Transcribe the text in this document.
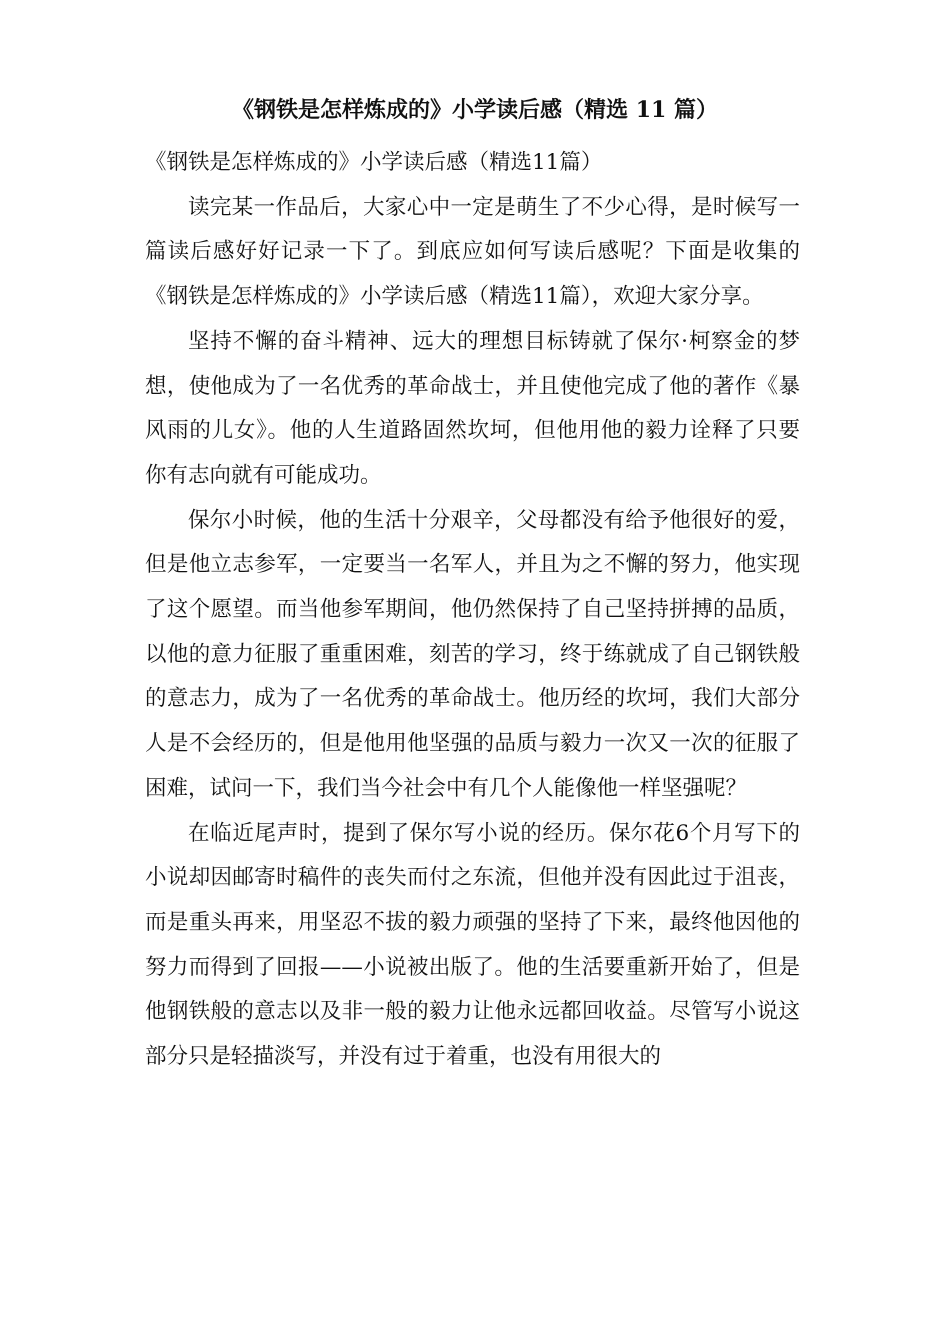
《钢铁是怎样炼成的》小学读后感（精选 11 篇）

《钢铁是怎样炼成的》小学读后感（精选11篇）

读完某一作品后，大家心中一定是萌生了不少心得，是时候写一篇读后感好好记录一下了。到底应如何写读后感呢？下面是收集的《钢铁是怎样炼成的》小学读后感（精选11篇），欢迎大家分享。

坚持不懈的奋斗精神、远大的理想目标铸就了保尔·柯察金的梦想，使他成为了一名优秀的革命战士，并且使他完成了他的著作《暴风雨的儿女》。他的人生道路固然坎坷，但他用他的毅力诠释了只要你有志向就有可能成功。

保尔小时候，他的生活十分艰辛，父母都没有给予他很好的爱，但是他立志参军，一定要当一名军人，并且为之不懈的努力，他实现了这个愿望。而当他参军期间，他仍然保持了自己坚持拼搏的品质，以他的意力征服了重重困难，刻苦的学习，终于练就成了自己钢铁般的意志力，成为了一名优秀的革命战士。他历经的坎坷，我们大部分人是不会经历的，但是他用他坚强的品质与毅力一次又一次的征服了困难，试问一下，我们当今社会中有几个人能像他一样坚强呢？

在临近尾声时，提到了保尔写小说的经历。保尔花6个月写下的小说却因邮寄时稿件的丧失而付之东流，但他并没有因此过于沮丧，而是重头再来，用坚忍不拔的毅力顽强的坚持了下来，最终他因他的努力而得到了回报——小说被出版了。他的生活要重新开始了，但是他钢铁般的意志以及非一般的毅力让他永远都回收益。尽管写小说这部分只是轻描淡写，并没有过于着重，也没有用很大的
